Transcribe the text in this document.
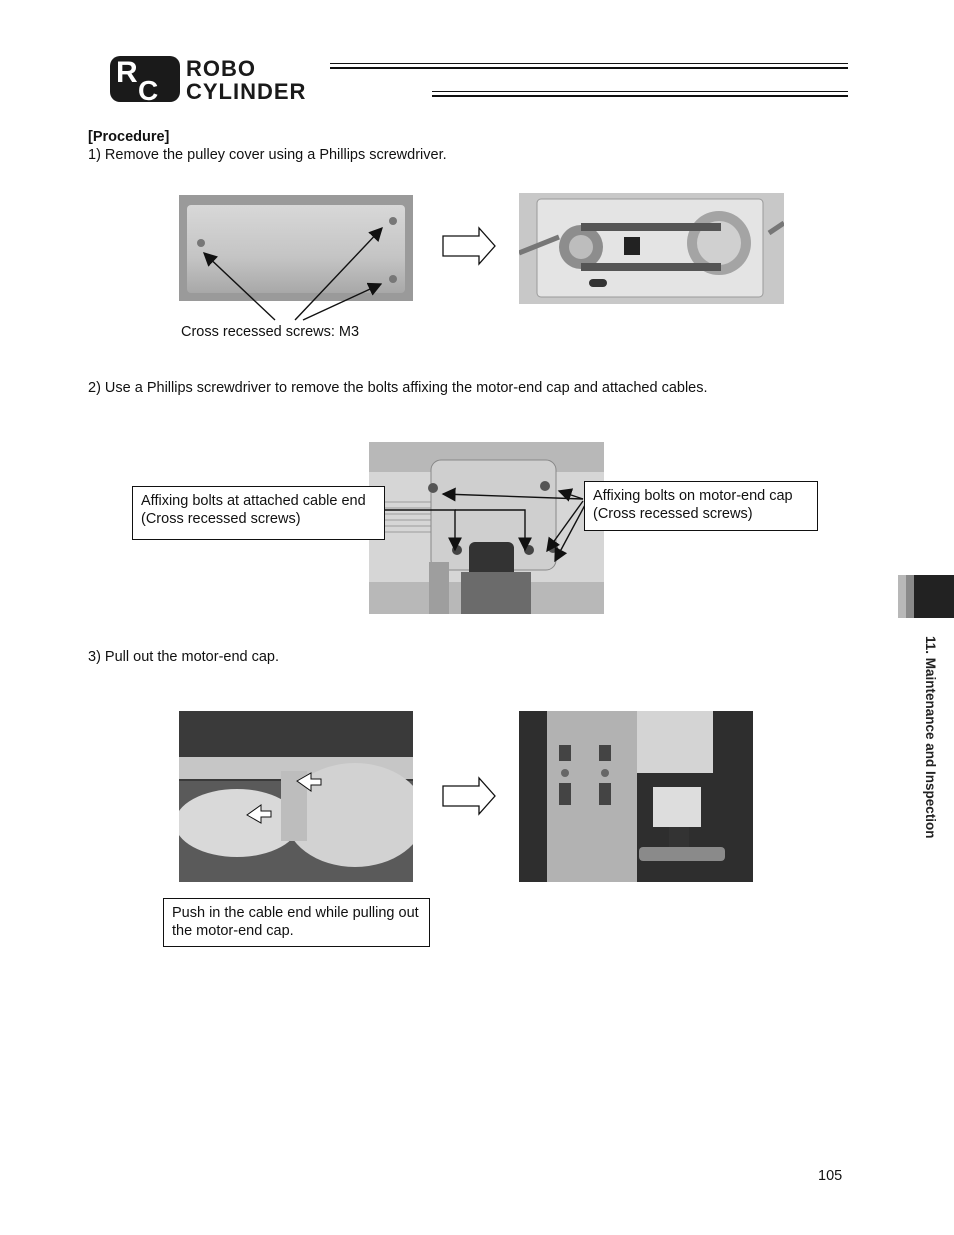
R
C
ROBO
CYLINDER
[Procedure]
1) Remove the pulley cover using a Phillips screwdriver.
Cross recessed screws: M3
2) Use a Phillips screwdriver to remove the bolts affixing the motor-end cap and attached cables.
Affixing bolts at attached cable end (Cross recessed screws)
Affixing bolts on motor-end cap (Cross recessed screws)
3) Pull out the motor-end cap.
Push in the cable end while pulling out the motor-end cap.
11. Maintenance and Inspection
105
